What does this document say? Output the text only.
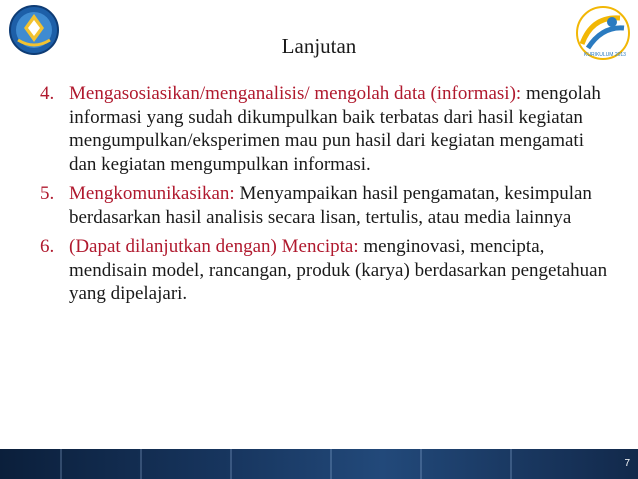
KURIKULUM 2013
Lanjutan
4. Mengasosiasikan/menganalisis/ mengolah data (informasi): mengolah informasi yang sudah dikumpulkan baik terbatas dari hasil kegiatan mengumpulkan/eksperimen mau pun hasil dari kegiatan mengamati dan kegiatan mengumpulkan informasi.
5. Mengkomunikasikan: Menyampaikan hasil pengamatan, kesimpulan berdasarkan hasil analisis secara lisan, tertulis, atau media lainnya
6. (Dapat dilanjutkan dengan) Mencipta: menginovasi, mencipta, mendisain model, rancangan, produk (karya) berdasarkan pengetahuan yang dipelajari.
7
